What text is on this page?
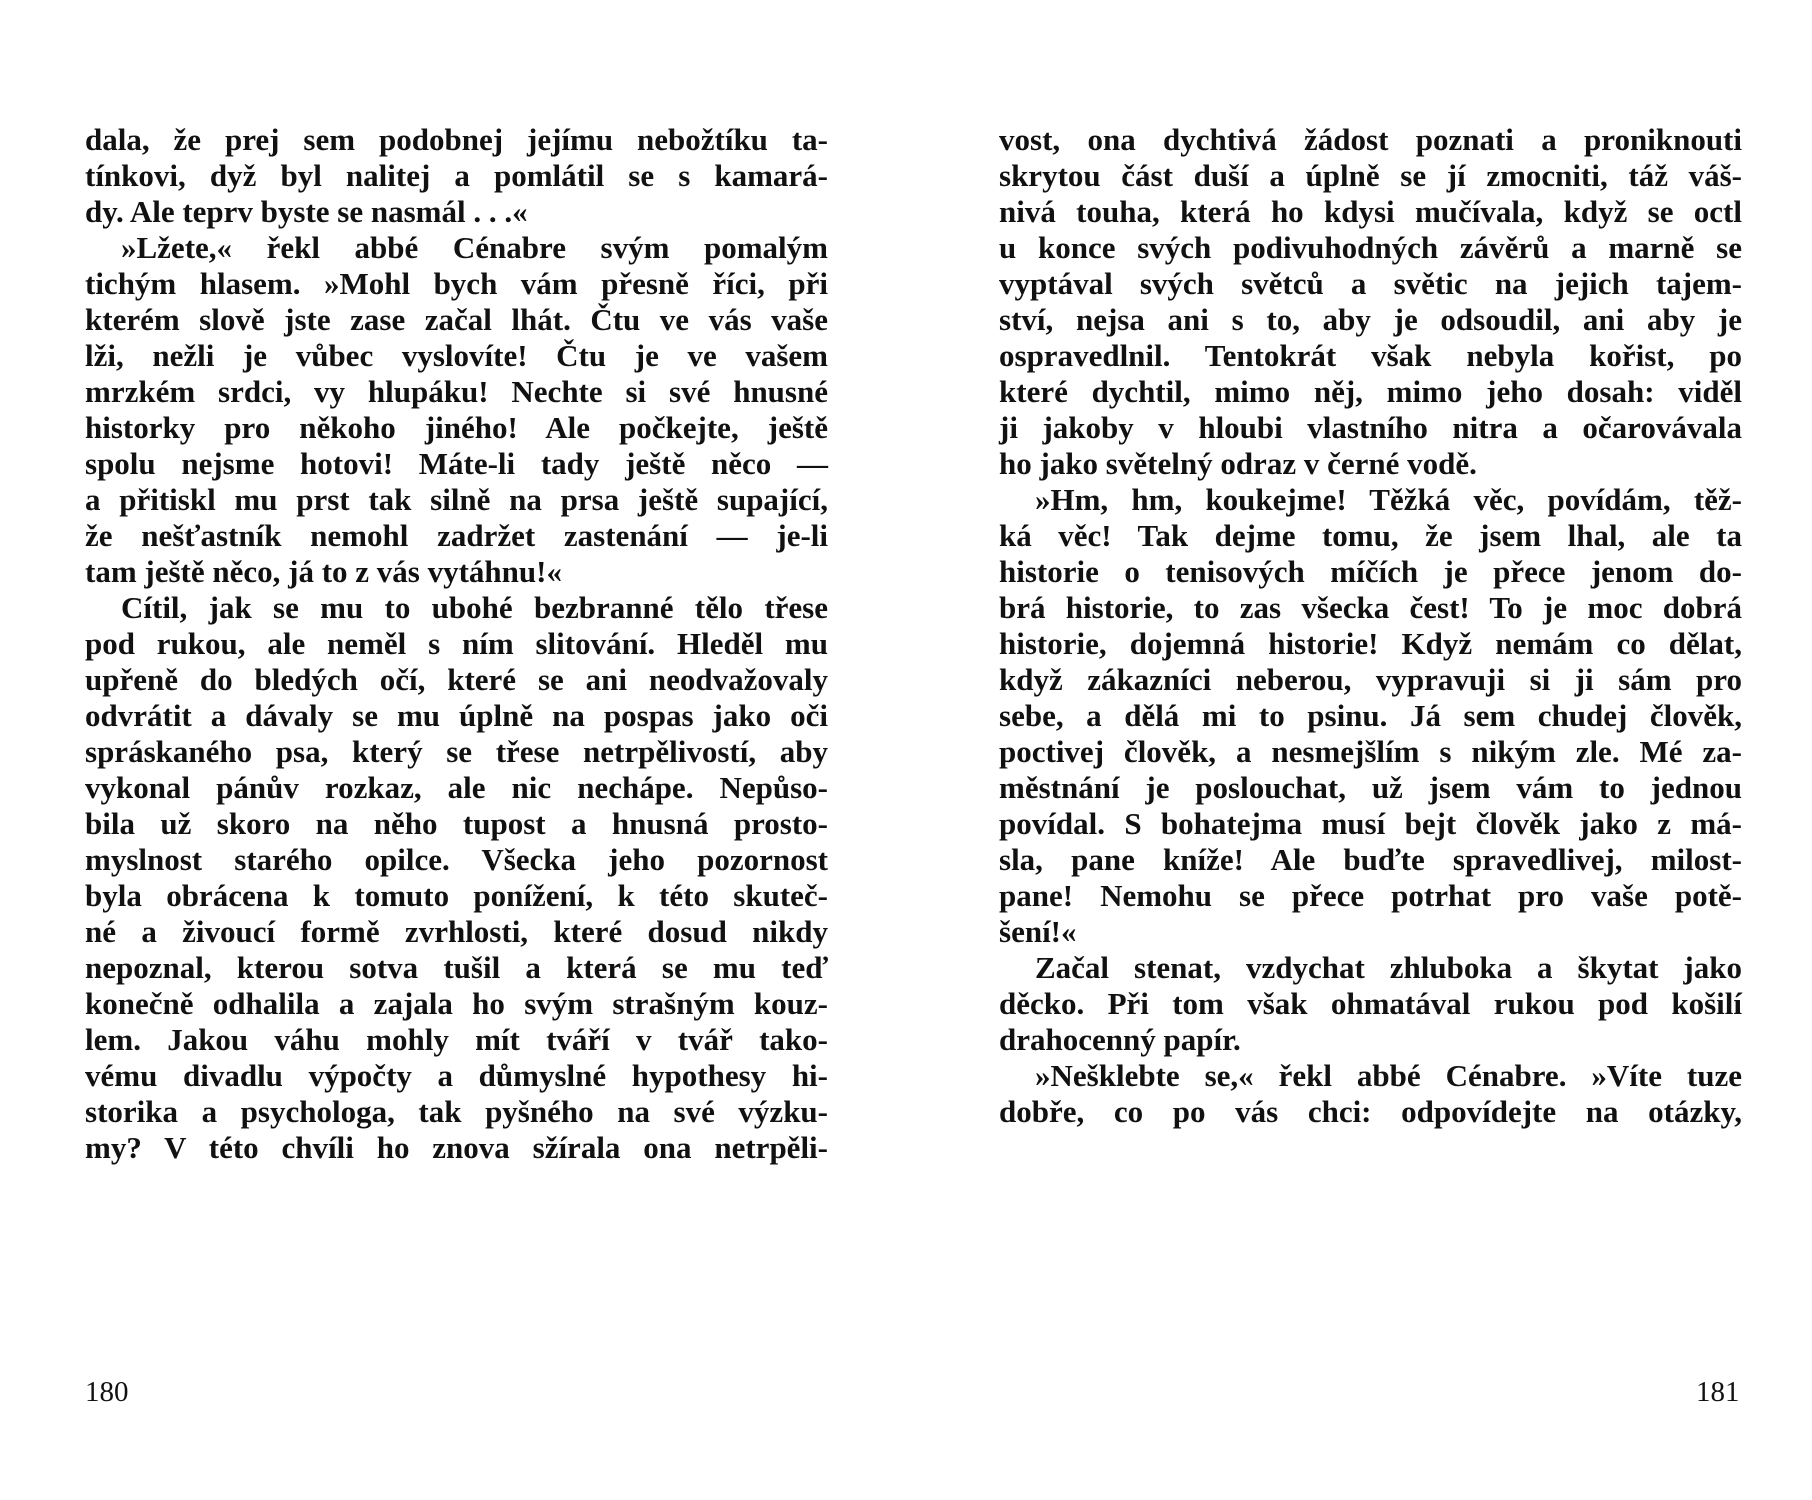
dala, že prej sem podobnej jejímu nebožtíku ta-
tínkovi, dyž byl nalitej a pomlátil se s kamará-
dy. Ale teprv byste se nasmál . . .«
»Lžete,« řekl abbé Cénabre svým pomalým
tichým hlasem. »Mohl bych vám přesně říci, při
kterém slově jste zase začal lhát. Čtu ve vás vaše
lži, nežli je vůbec vyslovíte! Čtu je ve vašem
mrzkém srdci, vy hlupáku! Nechte si své hnusné
historky pro někoho jiného! Ale počkejte, ještě
spolu nejsme hotovi! Máte-li tady ještě něco —
a přitiskl mu prst tak silně na prsa ještě supající,
že nešťastník nemohl zadržet zastenání — je-li
tam ještě něco, já to z vás vytáhnu!«
Cítil, jak se mu to ubohé bezbranné tělo třese
pod rukou, ale neměl s ním slitování. Hleděl mu
upřeně do bledých očí, které se ani neodvažovaly
odvrátit a dávaly se mu úplně na pospas jako oči
spráskaného psa, který se třese netrpělivostí, aby
vykonal pánův rozkaz, ale nic nechápe. Nepůso-
bila už skoro na něho tupost a hnusná prosto-
myslnost starého opilce. Všecka jeho pozornost
byla obrácena k tomuto ponížení, k této skuteč-
né a živoucí formě zvrhlosti, které dosud nikdy
nepoznal, kterou sotva tušil a která se mu teď
konečně odhalila a zajala ho svým strašným kouz-
lem. Jakou váhu mohly mít tváří v tvář tako-
vému divadlu výpočty a důmyslné hypothesy hi-
storika a psychologa, tak pyšného na své výzku-
my? V této chvíli ho znova sžírala ona netrpěli-
180
vost, ona dychtivá žádost poznati a proniknouti
skrytou část duší a úplně se jí zmocniti, táž váš-
nivá touha, která ho kdysi mučívala, když se octl
u konce svých podivuhodných závěrů a marně se
vyptával svých světců a světic na jejich tajem-
ství, nejsa ani s to, aby je odsoudil, ani aby je
ospravedlnil. Tentokrát však nebyla kořist, po
které dychtil, mimo něj, mimo jeho dosah: viděl
ji jakoby v hloubi vlastního nitra a očarovávala
ho jako světelný odraz v černé vodě.
»Hm, hm, koukejme! Těžká věc, povídám, těž-
ká věc! Tak dejme tomu, že jsem lhal, ale ta
historie o tenisových míčích je přece jenom do-
brá historie, to zas všecka čest! To je moc dobrá
historie, dojemná historie! Když nemám co dělat,
když zákazníci neberou, vypravuji si ji sám pro
sebe, a dělá mi to psinu. Já sem chudej člověk,
poctivej člověk, a nesmejšlím s nikým zle. Mé za-
městnání je poslouchat, už jsem vám to jednou
povídal. S bohatejma musí bejt člověk jako z má-
sla, pane kníže! Ale buďte spravedlivej, milost-
pane! Nemohu se přece potrhat pro vaše potě-
šení!«
Začal stenat, vzdychat zhluboka a škytat jako
děcko. Při tom však ohmatával rukou pod košilí
drahocenný papír.
»Nešklebte se,« řekl abbé Cénabre. »Víte tuze
dobře, co po vás chci: odpovídejte na otázky,
181
